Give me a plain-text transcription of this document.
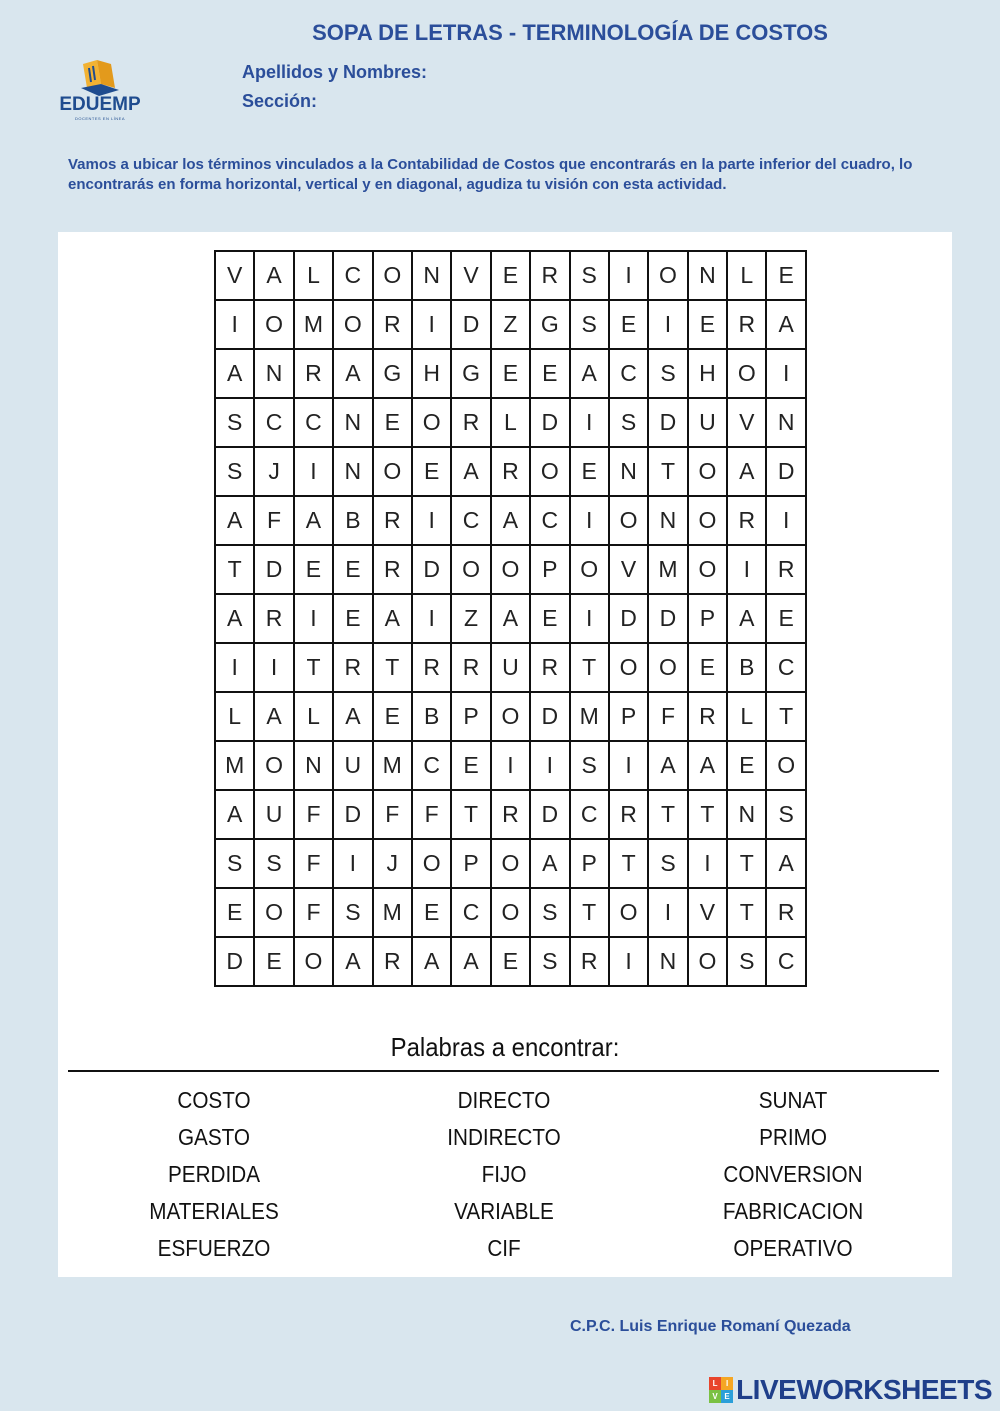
SOPA DE LETRAS - TERMINOLOGÍA DE COSTOS
EDUEMP
DOCENTES EN LÍNEA
Apellidos y Nombres:
Sección:
Vamos a ubicar los términos vinculados a la Contabilidad de Costos que encontrarás en la parte inferior del cuadro, lo encontrarás en forma horizontal, vertical y en diagonal, agudiza tu visión con esta actividad.
V	A	L	C	O	N	V	E	R	S	I	O	N	L	E
I	O	M	O	R	I	D	Z	G	S	E	I	E	R	A
A	N	R	A	G	H	G	E	E	A	C	S	H	O	I
S	C	C	N	E	O	R	L	D	I	S	D	U	V	N
S	J	I	N	O	E	A	R	O	E	N	T	O	A	D
A	F	A	B	R	I	C	A	C	I	O	N	O	R	I
T	D	E	E	R	D	O	O	P	O	V	M	O	I	R
A	R	I	E	A	I	Z	A	E	I	D	D	P	A	E
I	I	T	R	T	R	R	U	R	T	O	O	E	B	C
L	A	L	A	E	B	P	O	D	M	P	F	R	L	T
M	O	N	U	M	C	E	I	I	S	I	A	A	E	O
A	U	F	D	F	F	T	R	D	C	R	T	T	N	S
S	S	F	I	J	O	P	O	A	P	T	S	I	T	A
E	O	F	S	M	E	C	O	S	T	O	I	V	T	R
D	E	O	A	R	A	A	E	S	R	I	N	O	S	C
Palabras a encontrar:
COSTO
GASTO
PERDIDA
MATERIALES
ESFUERZO
DIRECTO
INDIRECTO
FIJO
VARIABLE
CIF
SUNAT
PRIMO
CONVERSION
FABRICACION
OPERATIVO
C.P.C. Luis Enrique Romaní Quezada
L	I
V E LIVEWORKSHEETS
